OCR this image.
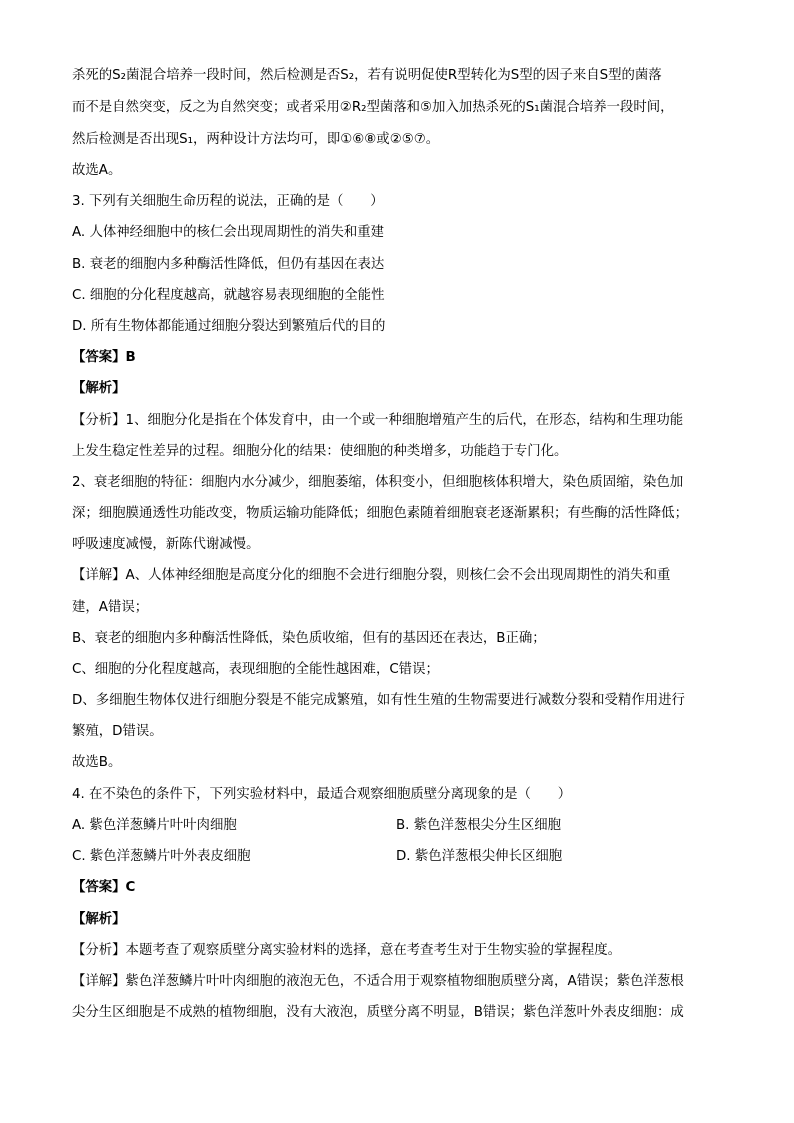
杀死的S₂菌混合培养一段时间，然后检测是否S₂，若有说明促使R型转化为S型的因子来自S型的菌落
而不是自然突变，反之为自然突变；或者采用②R₂型菌落和⑤加入加热杀死的S₁菌混合培养一段时间，
然后检测是否出现S₁，两种设计方法均可，即①⑥⑧或②⑤⑦。
故选A。
3. 下列有关细胞生命历程的说法，正确的是（　　）
A. 人体神经细胞中的核仁会出现周期性的消失和重建
B. 衰老的细胞内多种酶活性降低，但仍有基因在表达
C. 细胞的分化程度越高，就越容易表现细胞的全能性
D. 所有生物体都能通过细胞分裂达到繁殖后代的目的
【答案】B
【解析】
【分析】1、细胞分化是指在个体发育中，由一个或一种细胞增殖产生的后代，在形态，结构和生理功能
上发生稳定性差异的过程。细胞分化的结果：使细胞的种类增多，功能趋于专门化。
2、衰老细胞的特征：细胞内水分减少，细胞萎缩，体积变小，但细胞核体积增大，染色质固缩，染色加
深；细胞膜通透性功能改变，物质运输功能降低；细胞色素随着细胞衰老逐渐累积；有些酶的活性降低；
呼吸速度减慢，新陈代谢减慢。
【详解】A、人体神经细胞是高度分化的细胞不会进行细胞分裂，则核仁会不会出现周期性的消失和重
建，A错误；
B、衰老的细胞内多种酶活性降低，染色质收缩，但有的基因还在表达，B正确；
C、细胞的分化程度越高，表现细胞的全能性越困难，C错误；
D、多细胞生物体仅进行细胞分裂是不能完成繁殖，如有性生殖的生物需要进行减数分裂和受精作用进行
繁殖，D错误。
故选B。
4. 在不染色的条件下，下列实验材料中，最适合观察细胞质壁分离现象的是（　　）
A. 紫色洋葱鳞片叶叶肉细胞	B. 紫色洋葱根尖分生区细胞
C. 紫色洋葱鳞片叶外表皮细胞	D. 紫色洋葱根尖伸长区细胞
【答案】C
【解析】
【分析】本题考查了观察质壁分离实验材料的选择，意在考查考生对于生物实验的掌握程度。
【详解】紫色洋葱鳞片叶叶肉细胞的液泡无色，不适合用于观察植物细胞质壁分离，A错误；紫色洋葱根
尖分生区细胞是不成熟的植物细胞，没有大液泡，质壁分离不明显，B错误；紫色洋葱叶外表皮细胞：成
